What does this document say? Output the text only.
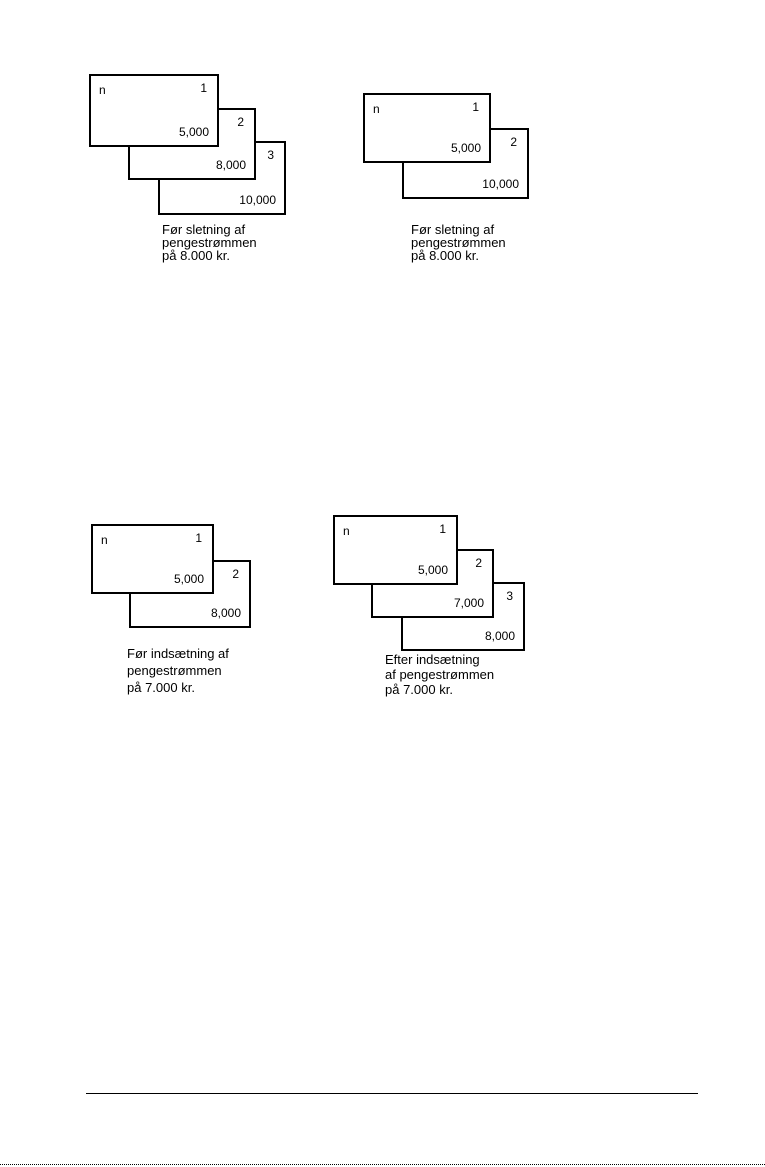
3
10,000
2
8,000
n	1
5,000
Før sletning af
pengestrømmen
på 8.000 kr.
2
10,000
n	1
5,000
Før sletning af
pengestrømmen
på 8.000 kr.
2
8,000
n	1
5,000
Før indsætning af
pengestrømmen
på 7.000 kr.
3
8,000
2
7,000
n	1
5,000
Efter indsætning
af pengestrømmen
på 7.000 kr.
